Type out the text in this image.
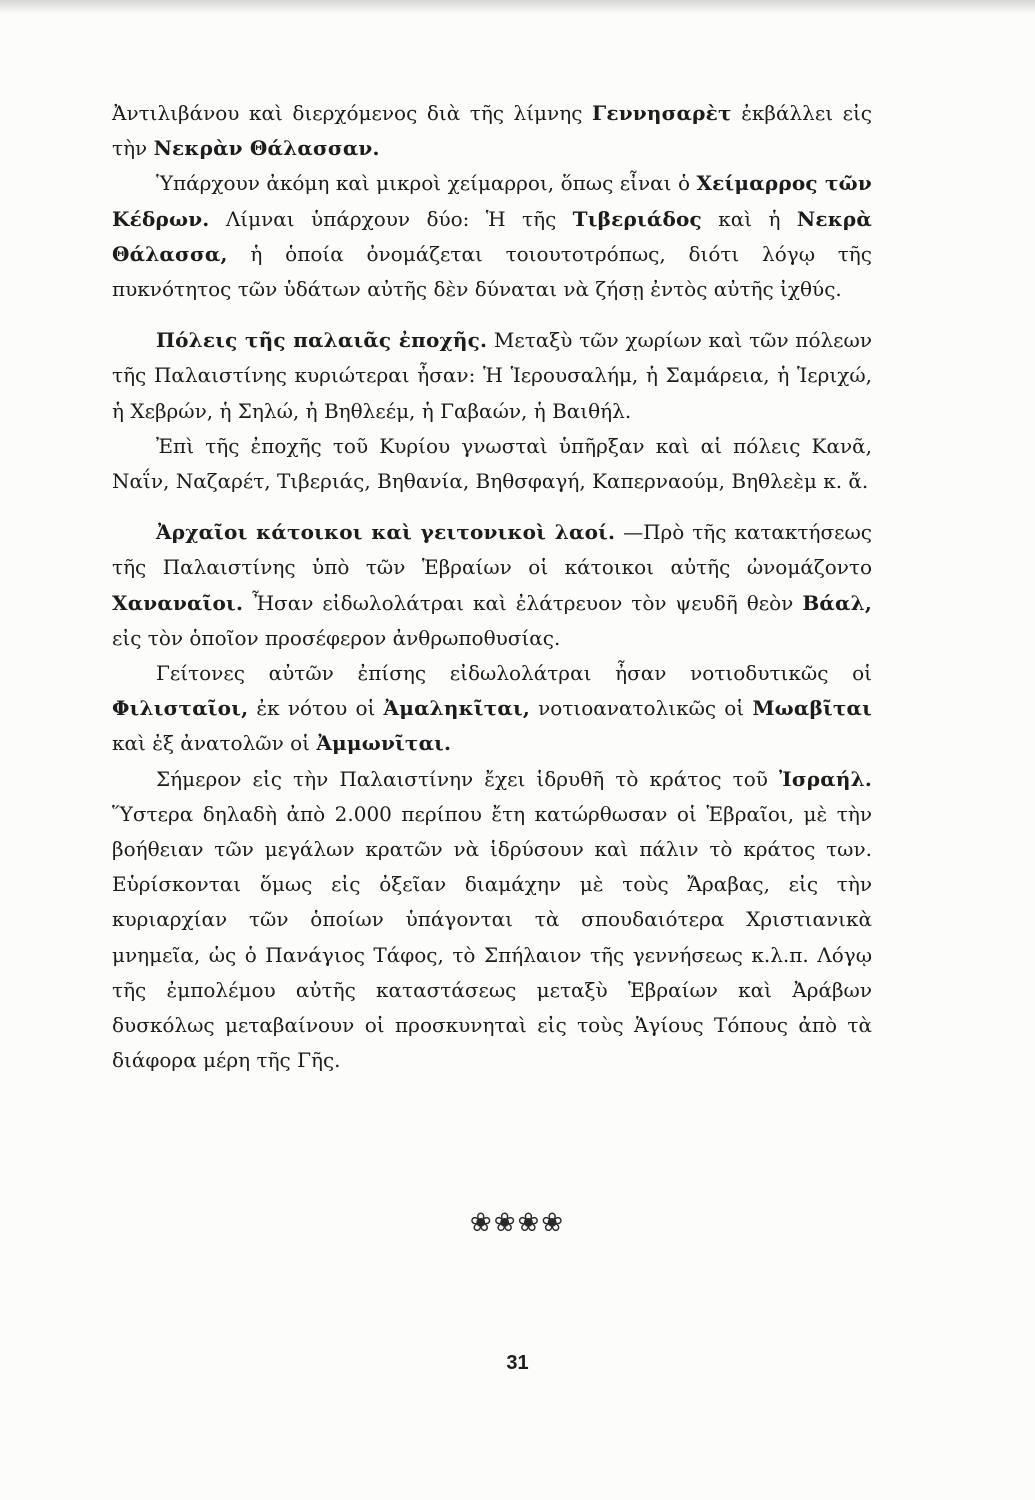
Ἀντιλιβάνου καὶ διερχόμενος διὰ τῆς λίμνης Γεννησαρὲτ ἐκβάλλει εἰς τὴν Νεκρὰν Θάλασσαν.

Ὑπάρχουν ἀκόμη καὶ μικροὶ χείμαρροι, ὅπως εἶναι ὁ Χείμαρρος τῶν Κέδρων. Λίμναι ὑπάρχουν δύο: Ἡ τῆς Τιβεριάδος καὶ ἡ Νεκρὰ Θάλασσα, ἡ ὁποία ὀνομάζεται τοιουτοτρόπως, διότι λόγῳ τῆς πυκνότητος τῶν ὑδάτων αὐτῆς δὲν δύναται νὰ ζήσῃ ἐντὸς αὐτῆς ἰχθύς.

Πόλεις τῆς παλαιᾶς ἐποχῆς. Μεταξὺ τῶν χωρίων καὶ τῶν πόλεων τῆς Παλαιστίνης κυριώτεραι ἦσαν: Ἡ Ἱερουσαλήμ, ἡ Σαμάρεια, ἡ Ἱεριχώ, ἡ Χεβρών, ἡ Σηλώ, ἡ Βηθλεέμ, ἡ Γαβαών, ἡ Βαιθήλ.

Ἐπὶ τῆς ἐποχῆς τοῦ Κυρίου γνωσταὶ ὑπῆρξαν καὶ αἱ πόλεις Κανᾶ, Ναΐν, Ναζαρέτ, Τιβεριάς, Βηθανία, Βηθσφαγή, Καπερναούμ, Βηθλεὲμ κ. ἄ.

Ἀρχαῖοι κάτοικοι καὶ γειτονικοὶ λαοί. —Πρὸ τῆς κατακτήσεως τῆς Παλαιστίνης ὑπὸ τῶν Ἑβραίων οἱ κάτοικοι αὐτῆς ὠνομάζοντο Χαναναῖοι. Ἦσαν εἰδωλολάτραι καὶ ἐλάτρευον τὸν ψευδῆ θεὸν Βάαλ, εἰς τὸν ὁποῖον προσέφερον ἀνθρωποθυσίας.

Γείτονες αὐτῶν ἐπίσης εἰδωλολάτραι ἦσαν νοτιοδυτικῶς οἱ Φιλισταῖοι, ἐκ νότου οἱ Ἀμαληκῖται, νοτιοανατολικῶς οἱ Μωαβῖται καὶ ἐξ ἀνατολῶν οἱ Ἀμμωνῖται.

Σήμερον εἰς τὴν Παλαιστίνην ἔχει ἱδρυθῆ τὸ κράτος τοῦ Ἰσραήλ. Ὕστερα δηλαδὴ ἀπὸ 2.000 περίπου ἔτη κατώρθωσαν οἱ Ἑβραῖοι, μὲ τὴν βοήθειαν τῶν μεγάλων κρατῶν νὰ ἱδρύσουν καὶ πάλιν τὸ κράτος των. Εὑρίσκονται ὅμως εἰς ὀξεῖαν διαμάχην μὲ τοὺς Ἄραβας, εἰς τὴν κυριαρχίαν τῶν ὁποίων ὑπάγονται τὰ σπουδαιότερα Χριστιανικὰ μνημεῖα, ὡς ὁ Πανάγιος Τάφος, τὸ Σπήλαιον τῆς γεννήσεως κ.λ.π. Λόγῳ τῆς ἐμπολέμου αὐτῆς καταστάσεως μεταξὺ Ἑβραίων καὶ Ἀράβων δυσκόλως μεταβαίνουν οἱ προσκυνηταὶ εἰς τοὺς Ἁγίους Τόπους ἀπὸ τὰ διάφορα μέρη τῆς Γῆς.

❀❀❀❀
31
